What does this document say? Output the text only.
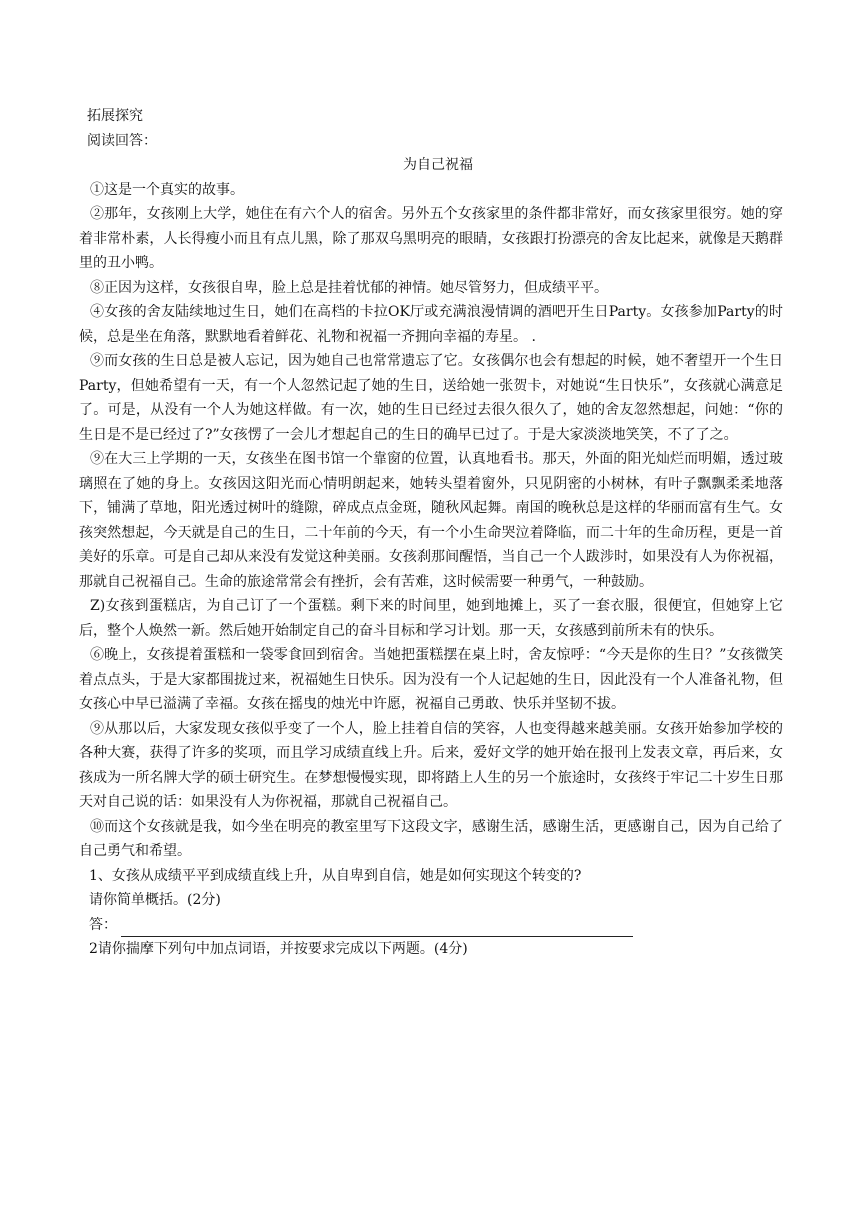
拓展探究
阅读回答：
为自己祝福

①这是一个真实的故事。

②那年，女孩刚上大学，她住在有六个人的宿舍。另外五个女孩家里的条件都非常好，而女孩家里很穷。她的穿着非常朴素，人长得瘦小而且有点儿黑，除了那双乌黑明亮的眼睛，女孩跟打扮漂亮的舍友比起来，就像是天鹅群里的丑小鸭。

⑧正因为这样，女孩很自卑，脸上总是挂着忧郁的神情。她尽管努力，但成绩平平。

④女孩的舍友陆续地过生日，她们在高档的卡拉OK厅或充满浪漫情调的酒吧开生日Party。女孩参加Party的时候，总是坐在角落，默默地看着鲜花、礼物和祝福一齐拥向幸福的寿星。 .

⑨而女孩的生日总是被人忘记，因为她自己也常常遗忘了它。女孩偶尔也会有想起的时候，她不奢望开一个生日Party，但她希望有一天，有一个人忽然记起了她的生日，送给她一张贺卡，对她说“生日快乐”，女孩就心满意足了。可是，从没有一个人为她这样做。有一次，她的生日已经过去很久很久了，她的舍友忽然想起，问她：“你的生日是不是已经过了?”女孩愣了一会儿才想起自己的生日的确早已过了。于是大家淡淡地笑笑，不了了之。

⑨在大三上学期的一天，女孩坐在图书馆一个靠窗的位置，认真地看书。那天，外面的阳光灿烂而明媚，透过玻璃照在了她的身上。女孩因这阳光而心情明朗起来，她转头望着窗外，只见阴密的小树林，有叶子飘飘柔柔地落下，铺满了草地，阳光透过树叶的缝隙，碎成点点金斑，随秋风起舞。南国的晚秋总是这样的华丽而富有生气。女孩突然想起，今天就是自己的生日，二十年前的今天，有一个小生命哭泣着降临，而二十年的生命历程，更是一首美好的乐章。可是自己却从来没有发觉这种美丽。女孩刹那间醒悟，当自己一个人跋涉时，如果没有人为你祝福，那就自己祝福自己。生命的旅途常常会有挫折，会有苦难，这时候需要一种勇气，一种鼓励。

Z)女孩到蛋糕店，为自己订了一个蛋糕。剩下来的时间里，她到地摊上，买了一套衣服，很便宜，但她穿上它后，整个人焕然一新。然后她开始制定自己的奋斗目标和学习计划。那一天，女孩感到前所未有的快乐。

⑥晚上，女孩提着蛋糕和一袋零食回到宿舍。当她把蛋糕摆在桌上时，舍友惊呼：“今天是你的生日？”女孩微笑着点点头，于是大家都围拢过来，祝福她生日快乐。因为没有一个人记起她的生日，因此没有一个人准备礼物，但女孩心中早已溢满了幸福。女孩在摇曳的烛光中许愿，祝福自己勇敢、快乐并坚韧不拔。

⑨从那以后，大家发现女孩似乎变了一个人，脸上挂着自信的笑容，人也变得越来越美丽。女孩开始参加学校的各种大赛，获得了许多的奖项，而且学习成绩直线上升。后来，爱好文学的她开始在报刊上发表文章，再后来，女孩成为一所名牌大学的硕士研究生。在梦想慢慢实现，即将踏上人生的另一个旅途时，女孩终于牢记二十岁生日那天对自己说的话：如果没有人为你祝福，那就自己祝福自己。

⑩而这个女孩就是我，如今坐在明亮的教室里写下这段文字，感谢生活，感谢生活，更感谢自己，因为自己给了自己勇气和希望。

1、女孩从成绩平平到成绩直线上升，从自卑到自信，她是如何实现这个转变的?
请你简单概括。(2分)
答：
2请你揣摩下列句中加点词语，并按要求完成以下两题。(4分)
